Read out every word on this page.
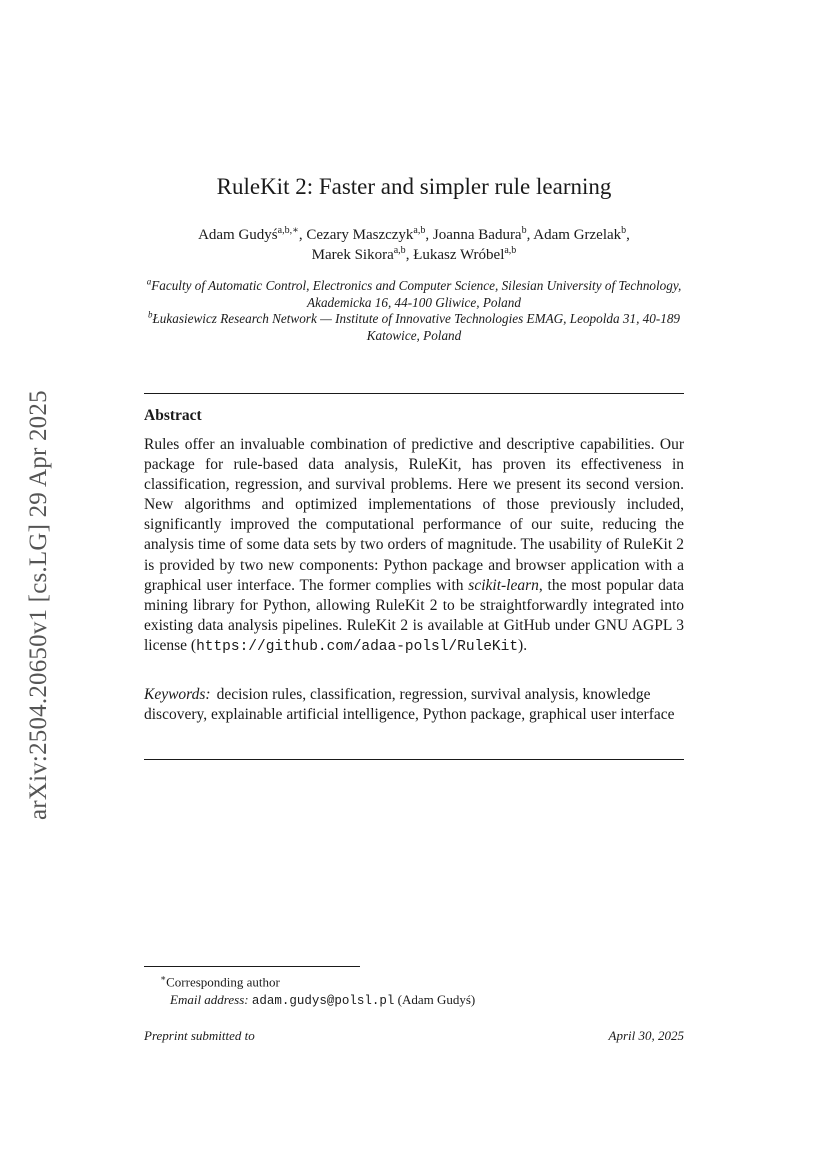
arXiv:2504.20650v1 [cs.LG] 29 Apr 2025
RuleKit 2: Faster and simpler rule learning
Adam Gudyś$^{a,b,∗}$, Cezary Maszczyk$^{a,b}$, Joanna Badura$^b$, Adam Grzelak$^b$,
Marek Sikora$^{a,b}$, Łukasz Wróbel$^{a,b}$

$^a$Faculty of Automatic Control, Electronics and Computer Science, Silesian University of Technology, Akademicka 16, 44-100 Gliwice, Poland

$^b$Łukasiewicz Research Network — Institute of Innovative Technologies EMAG, Leopolda 31, 40-189 Katowice, Poland

Abstract

Rules offer an invaluable combination of predictive and descriptive capabilities. Our package for rule-based data analysis, RuleKit, has proven its effectiveness in classification, regression, and survival problems. Here we present its second version. New algorithms and optimized implementations of those previously included, significantly improved the computational performance of our suite, reducing the analysis time of some data sets by two orders of magnitude. The usability of RuleKit 2 is provided by two new components: Python package and browser application with a graphical user interface. The former complies with scikit-learn, the most popular data mining library for Python, allowing RuleKit 2 to be straightforwardly integrated into existing data analysis pipelines. RuleKit 2 is available at GitHub under GNU AGPL 3 license (https://github.com/adaa-polsl/RuleKit).

Keywords: decision rules, classification, regression, survival analysis, knowledge discovery, explainable artificial intelligence, Python package, graphical user interface

∗Corresponding author

Email address: adam.gudys@polsl.pl (Adam Gudyś)

Preprint submitted to	April 30, 2025
